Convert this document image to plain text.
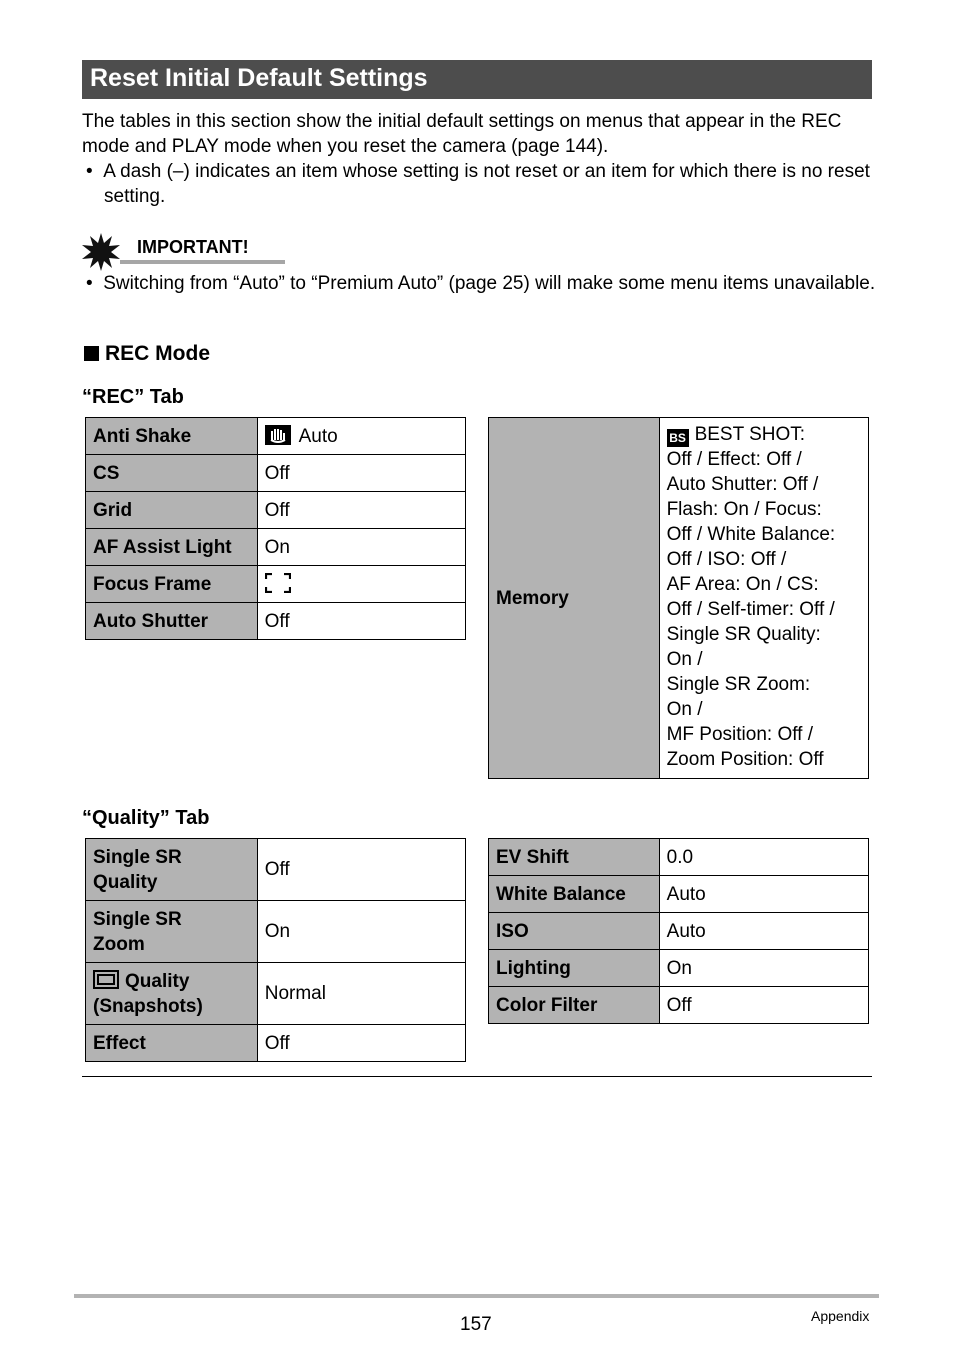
Reset Initial Default Settings
The tables in this section show the initial default settings on menus that appear in the REC mode and PLAY mode when you reset the camera (page 144).
•  A dash (–) indicates an item whose setting is not reset or an item for which there is no reset setting.
IMPORTANT!
•  Switching from “Auto” to “Premium Auto” (page 25) will make some menu items unavailable.
REC Mode
“REC” Tab
Anti Shake	Auto
CS	Off
Grid	Off
AF Assist Light	On
Focus Frame	
Auto Shutter	Off
Memory	
BS BEST SHOT:
Off / Effect: Off /
Auto Shutter: Off /
Flash: On / Focus:
Off / White Balance:
Off / ISO: Off /
AF Area: On / CS:
Off / Self-timer: Off /
Single SR Quality:
On /
Single SR Zoom:
On /
MF Position: Off /
Zoom Position: Off
“Quality” Tab
Single SR
Quality	Off

Single SR
Zoom	On

Quality
(Snapshots)	Normal
Effect	Off
EV Shift	0.0
White Balance	Auto
ISO	Auto
Lighting	On
Color Filter	Off
157	Appendix
